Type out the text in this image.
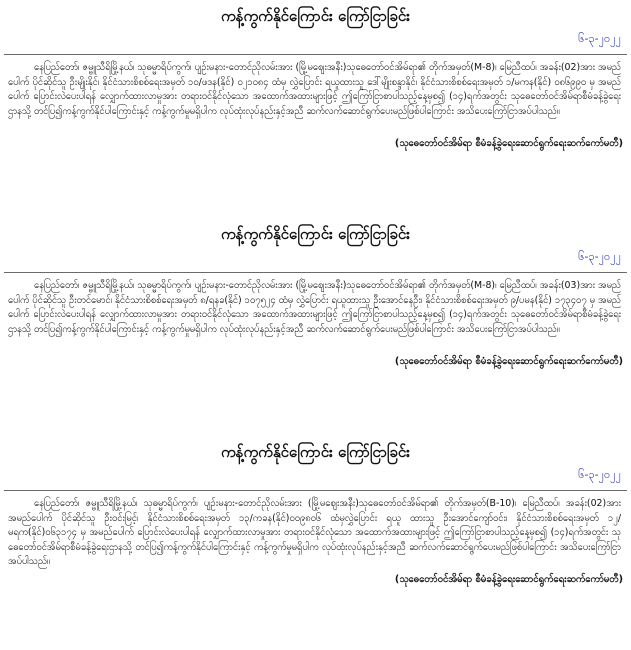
ကန့်ကွက်နိုင်ကြောင်း ကြော်ငြာခြင်း
၆-၃-၂၀၂၂

နေပြည်တော်၊ ဇမ္ဗူသီရိမြို့နယ်၊ သုဓမ္မာရိပ်ကွက်၊ ပျဉ်းမနား-တောင်ညိုလမ်းအား (မြို့မဈေးအနီး)သုဓေတော်ဝင်အိမ်ရာ၏ တိုက်အမှတ်(M-8)၊ မြေညီထပ်၊ အခန်း(02)အား အမည်ပေါက် ပိုင်ဆိုင်သူ ဦးမျိုးနိုင်၊ နိုင်ငံသားစိစစ်ရေးအမှတ် ၁၀/ဖဒန(နိုင်) ၀၂၁၀၈၄ ထံမှ လွှဲပြောင်း ရယူထားသူ ဒေါ်မျိုးစန္ဒာနိုင်၊ နိုင်ငံသားစိစစ်ရေးအမှတ် ၁/မကန(နိုင်) ၀၈၆၉၉၀ မှ အမည်ပေါက် ပြောင်းလဲပေးပါရန် လျှောက်ထားလာမှုအား တရားဝင်နိုင်လုံသော အထောက်အထားများဖြင့် ဤကြော်ငြာစာပါသည့်နေ့မှစ၍ (၁၄)ရက်အတွင်း သုဓေတော်ဝင်အိမ်ရာစီမံခန့်ခွဲရေးဌာနသို့ တင်ပြ၍ကန့်ကွက်နိုင်ပါကြောင်းနှင့် ကန့်ကွက်မှုမရှိပါက လုပ်ထုံးလုပ်နည်းနှင့်အညီ ဆက်လက်ဆောင်ရွက်ပေးမည်ဖြစ်ပါကြောင်း အသိပေးကြော်ငြာအပ်ပါသည်။

(သုဓေတော်ဝင်အိမ်ရာ စီမံခန့်ခွဲရေးဆောင်ရွက်ရေးဆက်ကော်မတီ)
ကန့်ကွက်နိုင်ကြောင်း ကြော်ငြာခြင်း
၆-၃-၂၀၂၂

နေပြည်တော်၊ ဇမ္ဗူသီရိမြို့နယ်၊ သုဓမ္မာရိပ်ကွက်၊ ပျဉ်းမနား-တောင်ညိုလမ်းအား (မြို့မဈေးအနီး)သုဓေတော်ဝင်အိမ်ရာ၏ တိုက်အမှတ်(M-8)၊ မြေညီထပ်၊ အခန်း(03)အား အမည်ပေါက် ပိုင်ဆိုင်သူ ဦးတင်မောင်၊ နိုင်ငံသားစိစစ်ရေးအမှတ် ၈/ရနခ(နိုင်) ၁၀၇၅၂၄ ထံမှ လွှဲပြောင်း ရယူထားသူ ဦးအောင်နေဦး၊ နိုင်ငံသားစိစစ်ရေးအမှတ် ၉/ပမန(နိုင်) ၁၇၃၄၀၇ မှ အမည်ပေါက် ပြောင်းလဲပေးပါရန် လျှောက်ထားလာမှုအား တရားဝင်နိုင်လုံသော အထောက်အထားများဖြင့် ဤကြော်ငြာစာပါသည့်နေ့မှစ၍ (၁၄)ရက်အတွင်း သုဓေတော်ဝင်အိမ်ရာစီမံခန့်ခွဲရေးဌာနသို့ တင်ပြ၍ကန့်ကွက်နိုင်ပါကြောင်းနှင့် ကန့်ကွက်မှုမရှိပါက လုပ်ထုံးလုပ်နည်းနှင့်အညီ ဆက်လက်ဆောင်ရွက်ပေးမည်ဖြစ်ပါကြောင်း အသိပေးကြော်ငြာအပ်ပါသည်။

(သုဓေတော်ဝင်အိမ်ရာ စီမံခန့်ခွဲရေးဆောင်ရွက်ရေးဆက်ကော်မတီ)
ကန့်ကွက်နိုင်ကြောင်း ကြော်ငြာခြင်း
၆-၃-၂၀၂၂

နေပြည်တော်၊ ဇမ္ဗူသီရိမြို့နယ်၊ သုဓမ္မာရိပ်ကွက်၊ ပျဉ်းမနား-တောင်ညိုလမ်းအား (မြို့မဈေးအနီး)သုဓေတော်ဝင်အိမ်ရာ၏ တိုက်အမှတ်(B-10)၊ မြေညီထပ်၊ အခန်း(02)အား အမည်ပေါက် ပိုင်ဆိုင်သူ ဦးဝင်းမြင့်၊ နိုင်ငံသားစိစစ်ရေးအမှတ် ၁၃/ကခန(နိုင်)၀၀၉၈၀၆ ထံမှလွှဲပြောင်း ရယူ ထားသူ ဦးအောင်ကျော်ဝင်း၊ နိုင်ငံသားစိစစ်ရေးအမှတ် ၁၂/မရက(နိုင်)၀၆၃၁၇၄ မှ အမည်ပေါက် ပြောင်းလဲပေးပါရန် လျှောက်ထားလာမှုအား တရားဝင်နိုင်လုံသော အထောက်အထားများဖြင့် ဤကြော်ငြာစာပါသည့်နေ့မှစ၍ (၁၄)ရက်အတွင်း သုဓေတော်ဝင်အိမ်ရာစီမံခန့်ခွဲရေးဌာနသို့ တင်ပြ၍ကန့်ကွက်နိုင်ပါကြောင်းနှင့် ကန့်ကွက်မှုမရှိပါက လုပ်ထုံးလုပ်နည်းနှင့်အညီ ဆက်လက်ဆောင်ရွက်ပေးမည်ဖြစ်ပါကြောင်း အသိပေးကြော်ငြာအပ်ပါသည်။

(သုဓေတော်ဝင်အိမ်ရာ စီမံခန့်ခွဲရေးဆောင်ရွက်ရေးဆက်ကော်မတီ)
